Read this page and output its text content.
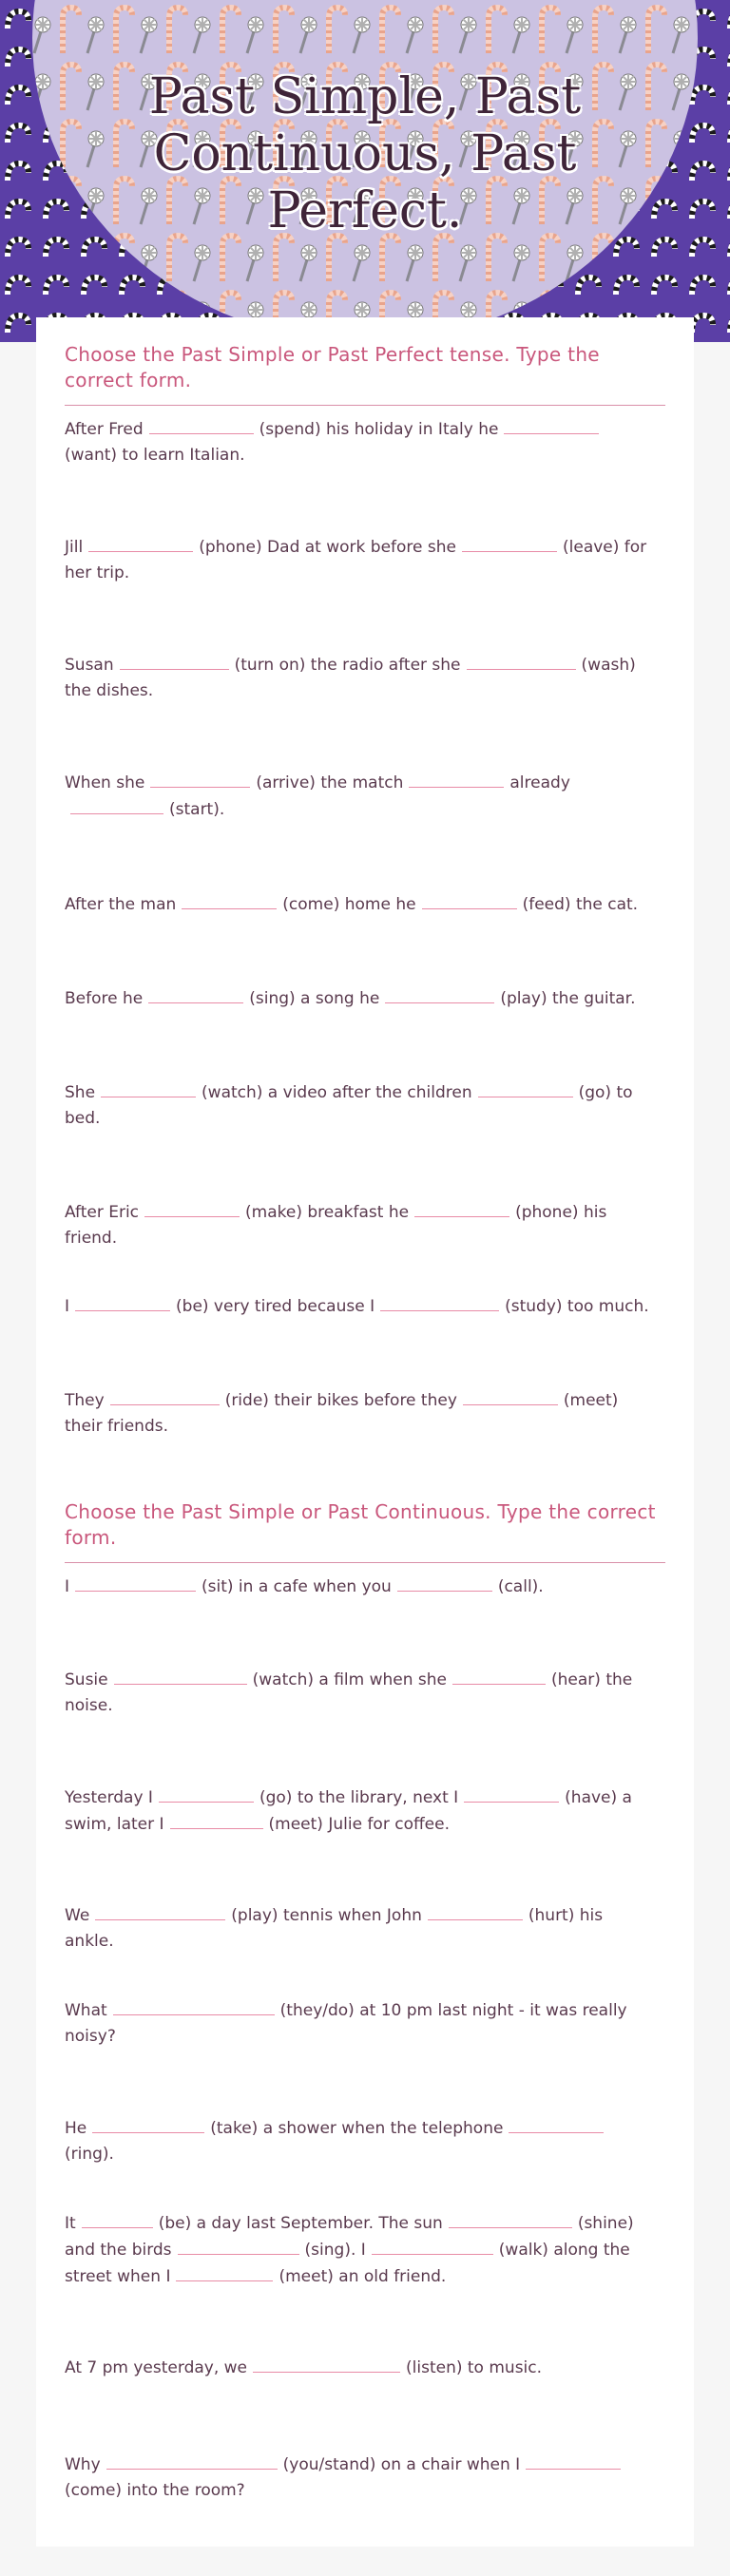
Past Simple, Past Continuous, Past Perfect.
Choose the Past Simple or Past Perfect tense. Type the correct form.
After Fred	(spend) his holiday in Italy he(want) to learn Italian.
Jill	(phone) Dad at work before she	(leave) for her trip.
Susan	(turn on) the radio after she	(wash) the dishes.
When she	(arrive) the match	already(start).
After the man	(come) home he	(feed) the cat.
Before he	(sing) a song he	(play) the guitar.
She	(watch) a video after the children	(go) to bed.
After Eric	(make) breakfast he	(phone) his friend.
I	(be) very tired because I	(study) too much.
They	(ride) their bikes before they	(meet) their friends.
Choose the Past Simple or Past Continuous. Type the correct form.
I	(sit) in a cafe when you	(call).
Susie	(watch) a film when she	(hear) the noise.
Yesterday I	(go) to the library, next I	(have) a swim, later I	(meet) Julie for coffee.
We	(play) tennis when John	(hurt) his ankle.
What	(they/do) at 10 pm last night - it was really noisy?
He	(take) a shower when the telephone(ring).
It	(be) a day last September. The sun	(shine) and the birds	(sing). I	(walk) along the street when I	(meet) an old friend.
At 7 pm yesterday, we	(listen) to music.
Why	(you/stand) on a chair when I(come) into the room?
